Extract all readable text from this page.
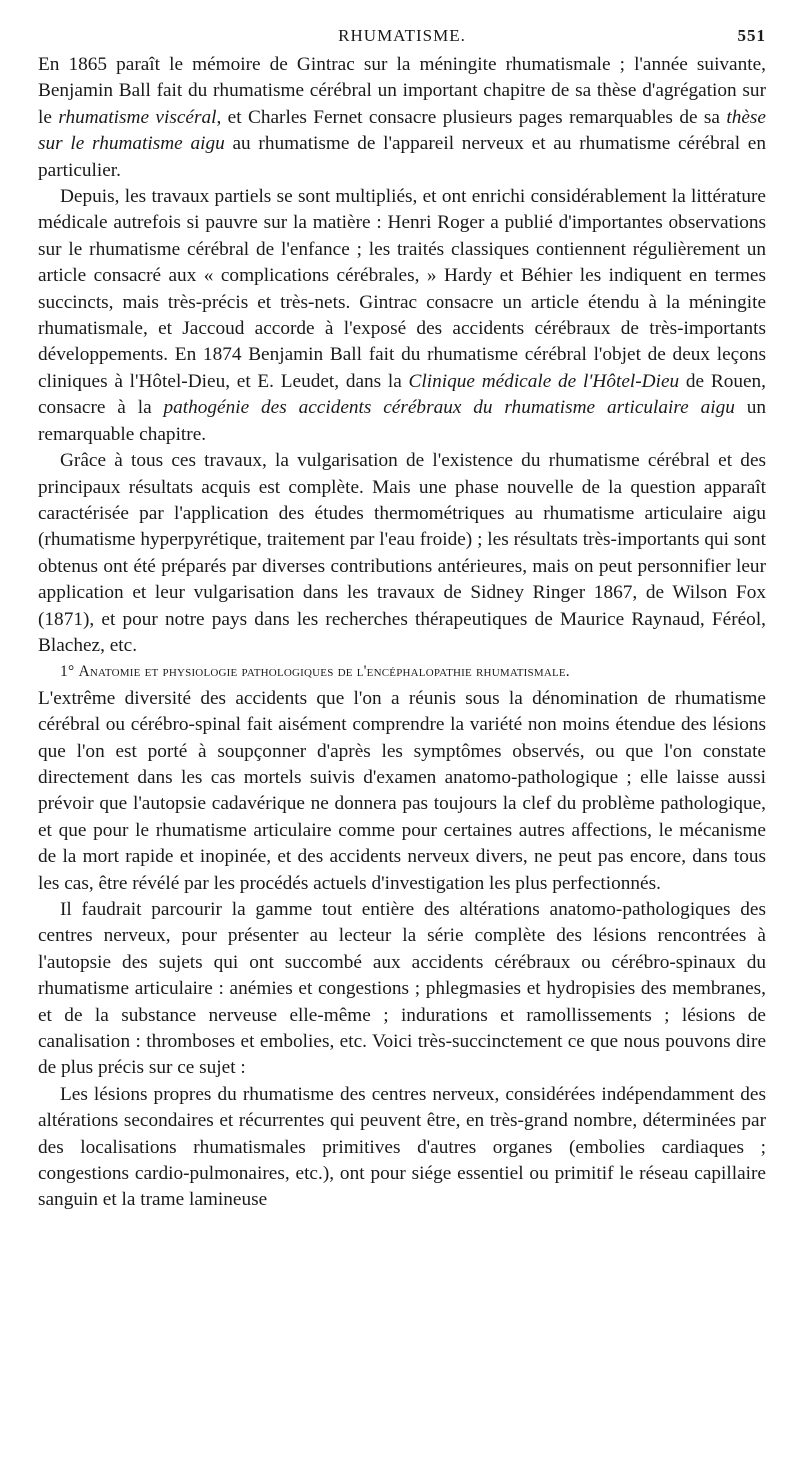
RHUMATISME.	551

En 1865 paraît le mémoire de Gintrac sur la méningite rhumatismale ; l'année suivante, Benjamin Ball fait du rhumatisme cérébral un important chapitre de sa thèse d'agrégation sur le rhumatisme viscéral, et Charles Fernet consacre plusieurs pages remarquables de sa thèse sur le rhumatisme aigu au rhumatisme de l'appareil nerveux et au rhumatisme cérébral en particulier.

Depuis, les travaux partiels se sont multipliés, et ont enrichi considérablement la littérature médicale autrefois si pauvre sur la matière : Henri Roger a publié d'importantes observations sur le rhumatisme cérébral de l'enfance ; les traités classiques contiennent régulièrement un article consacré aux « complications cérébrales, » Hardy et Béhier les indiquent en termes succincts, mais très-précis et très-nets. Gintrac consacre un article étendu à la méningite rhumatismale, et Jaccoud accorde à l'exposé des accidents cérébraux de très-importants développements. En 1874 Benjamin Ball fait du rhumatisme cérébral l'objet de deux leçons cliniques à l'Hôtel-Dieu, et E. Leudet, dans la Clinique médicale de l'Hôtel-Dieu de Rouen, consacre à la pathogénie des accidents cérébraux du rhumatisme articulaire aigu un remarquable chapitre.

Grâce à tous ces travaux, la vulgarisation de l'existence du rhumatisme cérébral et des principaux résultats acquis est complète. Mais une phase nouvelle de la question apparaît caractérisée par l'application des études thermométriques au rhumatisme articulaire aigu (rhumatisme hyperpyrétique, traitement par l'eau froide) ; les résultats très-importants qui sont obtenus ont été préparés par diverses contributions antérieures, mais on peut personnifier leur application et leur vulgarisation dans les travaux de Sidney Ringer 1867, de Wilson Fox (1871), et pour notre pays dans les recherches thérapeutiques de Maurice Raynaud, Féréol, Blachez, etc.

1° Anatomie et physiologie pathologiques de l'encéphalopathie rhumatismale.

L'extrême diversité des accidents que l'on a réunis sous la dénomination de rhumatisme cérébral ou cérébro-spinal fait aisément comprendre la variété non moins étendue des lésions que l'on est porté à soupçonner d'après les symptômes observés, ou que l'on constate directement dans les cas mortels suivis d'examen anatomo-pathologique ; elle laisse aussi prévoir que l'autopsie cadavérique ne donnera pas toujours la clef du problème pathologique, et que pour le rhumatisme articulaire comme pour certaines autres affections, le mécanisme de la mort rapide et inopinée, et des accidents nerveux divers, ne peut pas encore, dans tous les cas, être révélé par les procédés actuels d'investigation les plus perfectionnés.

Il faudrait parcourir la gamme tout entière des altérations anatomo-pathologiques des centres nerveux, pour présenter au lecteur la série complète des lésions rencontrées à l'autopsie des sujets qui ont succombé aux accidents cérébraux ou cérébro-spinaux du rhumatisme articulaire : anémies et congestions ; phlegmasies et hydropisies des membranes, et de la substance nerveuse elle-même ; indurations et ramollissements ; lésions de canalisation : thromboses et embolies, etc. Voici très-succinctement ce que nous pouvons dire de plus précis sur ce sujet :

Les lésions propres du rhumatisme des centres nerveux, considérées indépendamment des altérations secondaires et récurrentes qui peuvent être, en très-grand nombre, déterminées par des localisations rhumatismales primitives d'autres organes (embolies cardiaques ; congestions cardio-pulmonaires, etc.), ont pour siége essentiel ou primitif le réseau capillaire sanguin et la trame lamineuse
